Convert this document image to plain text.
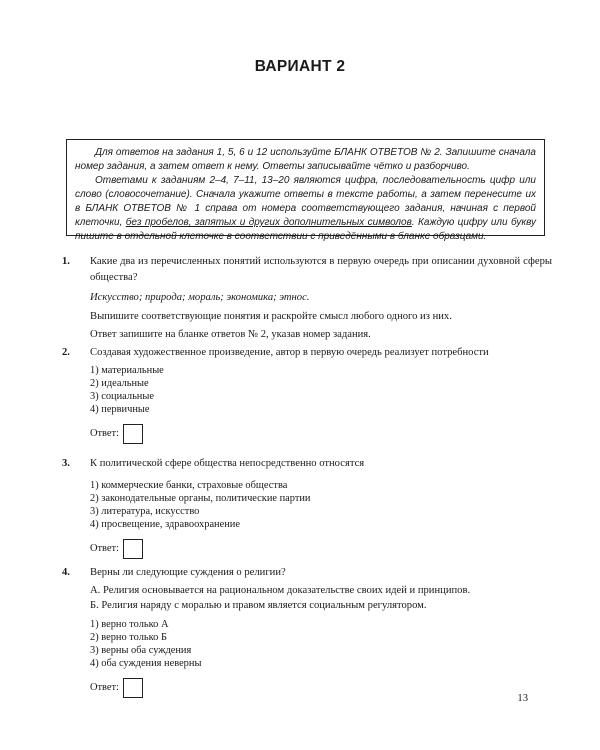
ВАРИАНТ 2

Для ответов на задания 1, 5, 6 и 12 используйте БЛАНК ОТВЕТОВ № 2. Запишите сначала номер задания, а затем ответ к нему. Ответы записывайте чётко и разборчиво.

Ответами к заданиям 2–4, 7–11, 13–20 являются цифра, последовательность цифр или слово (словосочетание). Сначала укажите ответы в тексте работы, а затем перенесите их в БЛАНК ОТВЕТОВ № 1 справа от номера соответствующего задания, начиная с первой клеточки, без пробелов, запятых и других дополнительных символов. Каждую цифру или букву пишите в отдельной клеточке в соответствии с приведёнными в бланке образцами.

1. Какие два из перечисленных понятий используются в первую очередь при описании духовной сферы общества?
Искусство; природа; мораль; экономика; этнос.
Выпишите соответствующие понятия и раскройте смысл любого одного из них.
Ответ запишите на бланке ответов № 2, указав номер задания.
2. Создавая художественное произведение, автор в первую очередь реализует потребности
1) материальные
2) идеальные
3) социальные
4) первичные
Ответ:
3. К политической сфере общества непосредственно относятся
1) коммерческие банки, страховые общества
2) законодательные органы, политические партии
3) литература, искусство
4) просвещение, здравоохранение
Ответ:
4. Верны ли следующие суждения о религии?
А. Религия основывается на рациональном доказательстве своих идей и принципов.
Б. Религия наряду с моралью и правом является социальным регулятором.
1) верно только А
2) верно только Б
3) верны оба суждения
4) оба суждения неверны
Ответ:
13
